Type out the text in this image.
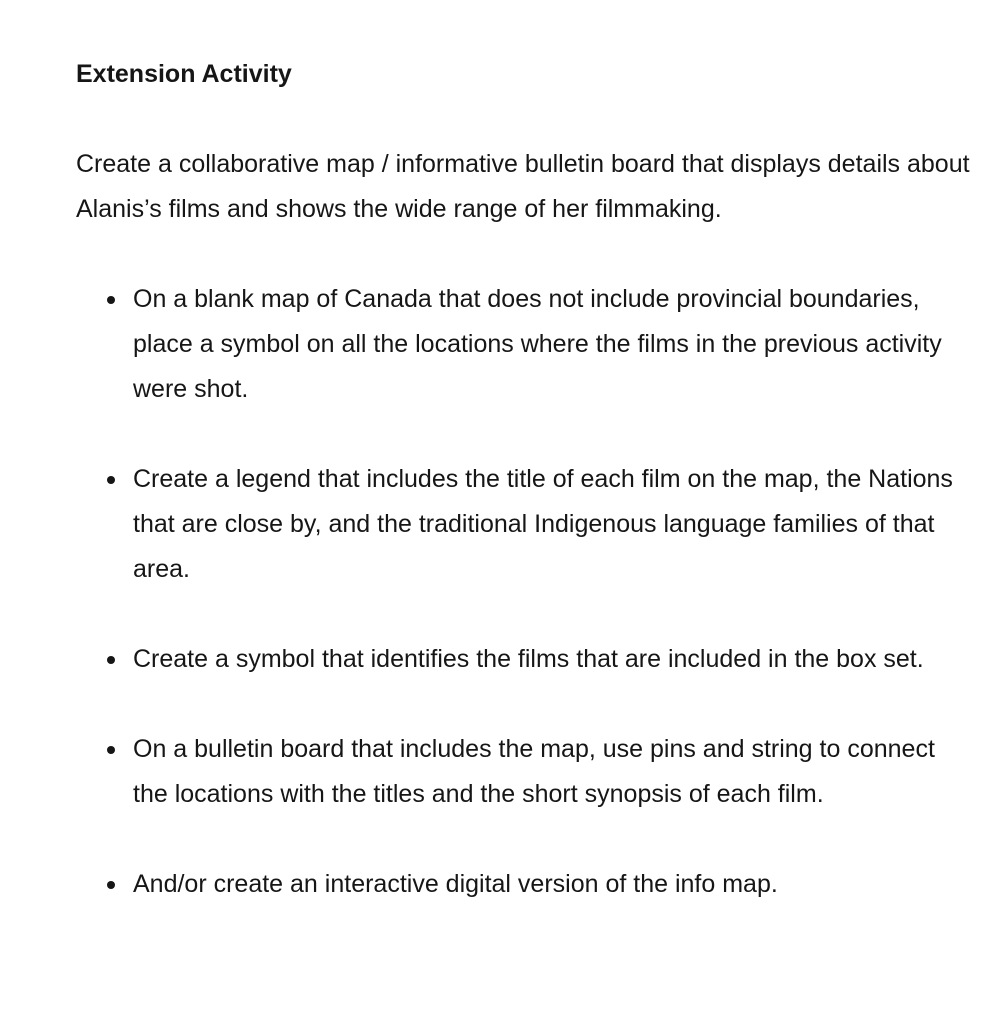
Extension Activity

Create a collaborative map / informative bulletin board that displays details about Alanis’s films and shows the wide range of her filmmaking.

On a blank map of Canada that does not include provincial boundaries, place a symbol on all the locations where the films in the previous activity were shot.
Create a legend that includes the title of each film on the map, the Nations that are close by, and the traditional Indigenous language families of that area.
Create a symbol that identifies the films that are included in the box set.
On a bulletin board that includes the map, use pins and string to connect the locations with the titles and the short synopsis of each film.
And/or create an interactive digital version of the info map.
